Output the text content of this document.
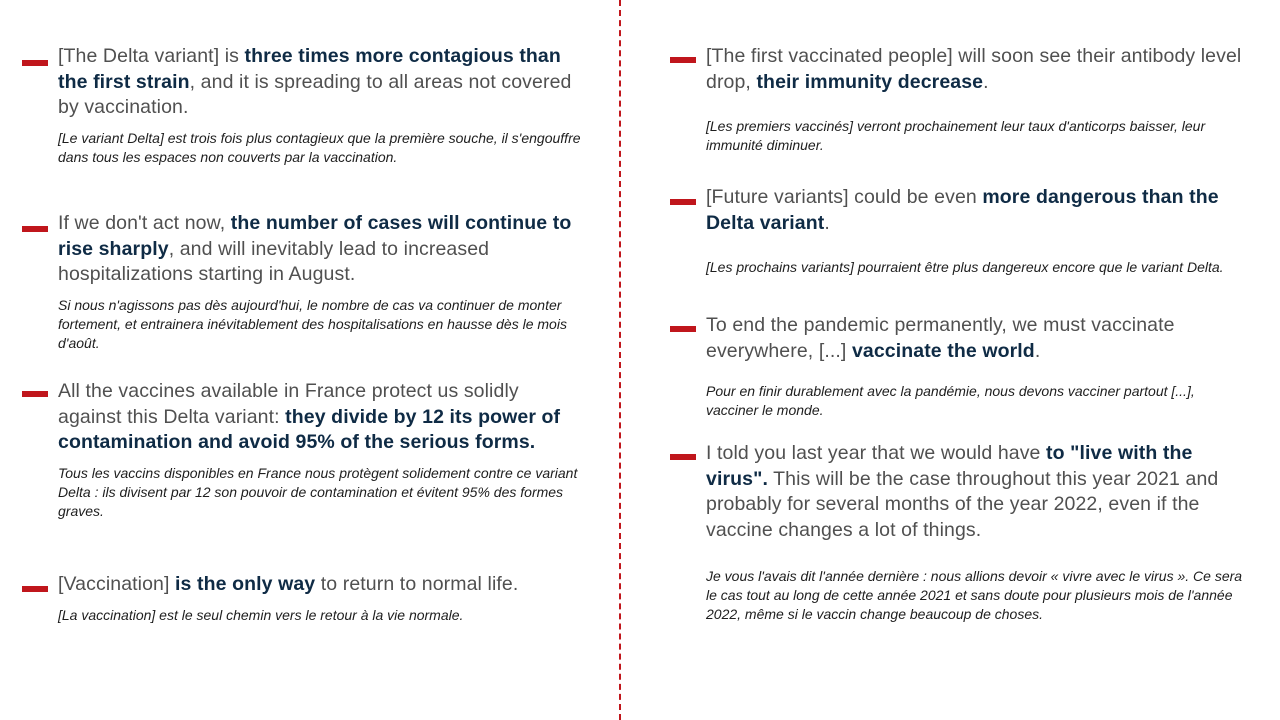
[The Delta variant] is three times more contagious than the first strain, and it is spreading to all areas not covered by vaccination.

[Le variant Delta] est trois fois plus contagieux que la première souche, il s'engouffre dans tous les espaces non couverts par la vaccination.

If we don't act now, the number of cases will continue to rise sharply, and will inevitably lead to increased hospitalizations starting in August.

Si nous n'agissons pas dès aujourd'hui, le nombre de cas va continuer de monter fortement, et entrainera inévitablement des hospitalisations en hausse dès le mois d'août.

All the vaccines available in France protect us solidly against this Delta variant: they divide by 12 its power of contamination and avoid 95% of the serious forms.

Tous les vaccins disponibles en France nous protègent solidement contre ce variant Delta : ils divisent par 12 son pouvoir de contamination et évitent 95% des formes graves.

[Vaccination] is the only way to return to normal life.

[La vaccination] est le seul chemin vers le retour à la vie normale.

[The first vaccinated people] will soon see their antibody level drop, their immunity decrease.

[Les premiers vaccinés] verront prochainement leur taux d'anticorps baisser, leur immunité diminuer.

[Future variants] could be even more dangerous than the Delta variant.

[Les prochains variants] pourraient être plus dangereux encore que le variant Delta.

To end the pandemic permanently, we must vaccinate everywhere, [...] vaccinate the world.

Pour en finir durablement avec la pandémie, nous devons vacciner partout [...], vacciner le monde.

I told you last year that we would have to "live with the virus". This will be the case throughout this year 2021 and probably for several months of the year 2022, even if the vaccine changes a lot of things.

Je vous l'avais dit l'année dernière : nous allions devoir « vivre avec le virus ». Ce sera le cas tout au long de cette année 2021 et sans doute pour plusieurs mois de l'année 2022, même si le vaccin change beaucoup de choses.
